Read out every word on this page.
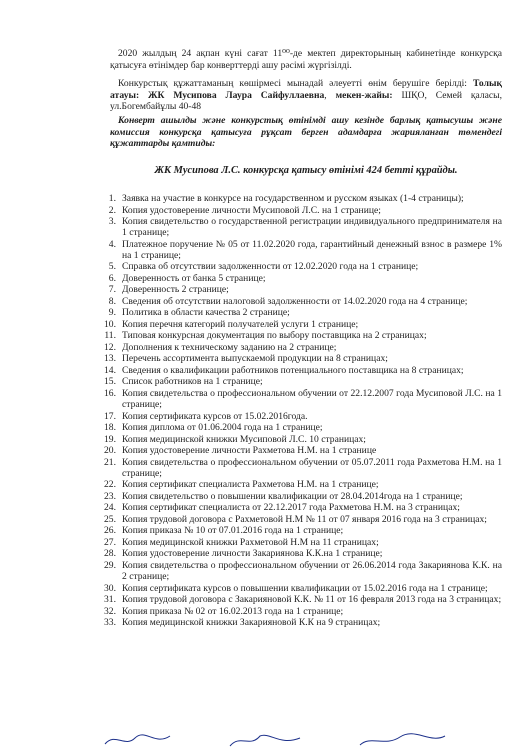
2020 жылдың 24 ақпан күні сағат 11⁰⁰-де мектеп директорының кабинетінде конкурсқа қатысуға өтінімдер бар конверттерді ашу рәсімі жүргізілді.
Конкурстық құжаттаманың көшірмесі мынадай әлеуетті өнім берушіге берілді: Толық атауы: ЖК Мусипова Лаура Сайфуллаевна, мекен-жайы: ШҚО, Семей қаласы, ул.Богембайұлы 40-48
Конверт ашылды және конкурстық өтінімді ашу кезінде барлық қатысушы және комиссия конкурсқа қатысуға рұқсат берген адамдарға жарияланған төмендегі құжаттарды қамтиды:
ЖК Мусипова Л.С. конкурсқа қатысу өтінімі 424 бетті құрайды.
1. Заявка на участие в конкурсе на государственном и русском языках (1-4 страницы);
2. Копия удостоверение личности Мусиповой Л.С. на 1 странице;
3. Копия свидетельство о государственной регистрации индивидуального предпринимателя на 1 странице;
4. Платежное поручение № 05 от 11.02.2020 года, гарантийный денежный взнос в размере 1% на 1 странице;
5. Справка об отсутствии задолженности от 12.02.2020 года на 1 странице;
6. Доверенность от банка 5 странице;
7. Доверенность 2 странице;
8. Сведения об отсутствии налоговой задолженности от 14.02.2020 года на 4 странице;
9. Политика в области качества 2 странице;
10. Копия перечня категорий получателей услуги 1 странице;
11. Типовая конкурсная документация по выбору поставщика на 2 страницах;
12. Дополнения к техническому заданию на 2 странице;
13. Перечень ассортимента выпускаемой продукции на 8 страницах;
14. Сведения о квалификации работников потенциального поставщика на 8 страницах;
15. Список работников на 1 странице;
16. Копия свидетельства о профессиональном обучении от 22.12.2007 года Мусиповой Л.С. на 1 странице;
17. Копия сертификата курсов от 15.02.2016года.
18. Копия диплома от 01.06.2004 года на 1 странице;
19. Копия медицинской книжки Мусиповой Л.С. 10 страницах;
20. Копия удостоверение личности Рахметова Н.М. на 1 странице
21. Копия свидетельства о профессиональном обучении от 05.07.2011 года Рахметова Н.М. на 1 странице;
22. Копия сертификат специалиста Рахметова Н.М. на 1 странице;
23. Копия свидетельство о повышении квалификации от 28.04.2014года на 1 странице;
24. Копия сертификат специалиста от 22.12.2017 года Рахметова Н.М. на 3 страницах;
25. Копия трудовой договора с Рахметовой Н.М № 11 от 07 января 2016 года на 3 страницах;
26. Копия приказа № 10 от 07.01.2016 года на 1 странице;
27. Копия медицинской книжки Рахметовой Н.М на 11 страницах;
28. Копия удостоверение личности Закарияновa К.К.на 1 странице;
29. Копия свидетельства о профессиональном обучении от 26.06.2014 года Закариянова К.К. на 2 странице;
30. Копия сертификата курсов о повышении квалификации от 15.02.2016 года на 1 странице;
31. Копия трудовой договора с Закарияновой К.К. № 11 от 16 февраля 2013 года на 3 страницах;
32. Копия приказа № 02 от 16.02.2013 года на 1 странице;
33. Копия медицинской книжки Закарияновой К.К на 9 страницах;
